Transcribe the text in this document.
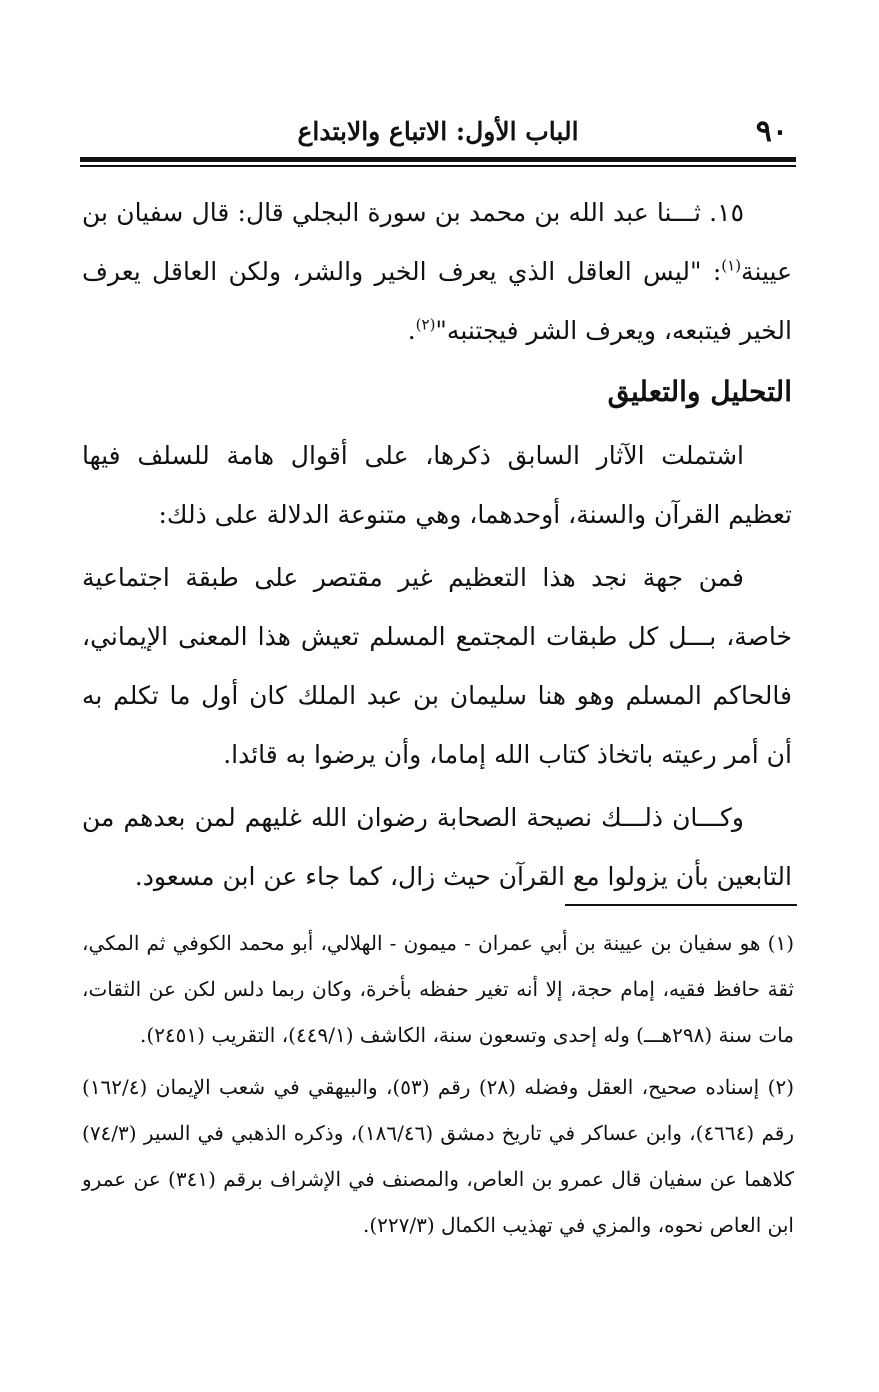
٩٠
الباب الأول: الاتباع والابتداع

١٥. ثـــنا عبد الله بن محمد بن سورة البجلي قال: قال سفيان بن عيينة$^{(١)}$: "ليس العاقل الذي يعرف الخير والشر، ولكن العاقل يعرف الخير فيتبعه، ويعرف الشر فيجتنبه"$^{(٢)}$.

التحليل والتعليق

اشتملت الآثار السابق ذكرها، على أقوال هامة للسلف فيها تعظيم القرآن والسنة، أوحدهما، وهي متنوعة الدلالة على ذلك:

فمن جهة نجد هذا التعظيم غير مقتصر على طبقة اجتماعية خاصة، بـــل كل طبقات المجتمع المسلم تعيش هذا المعنى الإيماني، فالحاكم المسلم وهو هنا سليمان بن عبد الملك كان أول ما تكلم به أن أمر رعيته باتخاذ كتاب الله إماما، وأن يرضوا به قائدا.

وكـــان ذلـــك نصيحة الصحابة رضوان الله غليهم لمن بعدهم من التابعين بأن يزولوا مع القرآن حيث زال، كما جاء عن ابن مسعود.

(١) هو سفيان بن عيينة بن أبي عمران - ميمون - الهلالي، أبو محمد الكوفي ثم المكي، ثقة حافظ فقيه، إمام حجة، إلا أنه تغير حفظه بأخرة، وكان ربما دلس لكن عن الثقات، مات سنة (٢٩٨هـــ) وله إحدى وتسعون سنة، الكاشف (٤٤٩/١)، التقريب (٢٤٥١).

(٢) إسناده صحيح، العقل وفضله (٢٨) رقم (٥٣)، والبيهقي في شعب الإيمان (١٦٢/٤) رقم (٤٦٦٤)، وابن عساكر في تاريخ دمشق (١٨٦/٤٦)، وذكره الذهبي في السير (٧٤/٣) كلاهما عن سفيان قال عمرو بن العاص، والمصنف في الإشراف برقم (٣٤١) عن عمرو ابن العاص نحوه، والمزي في تهذيب الكمال (٢٢٧/٣).
